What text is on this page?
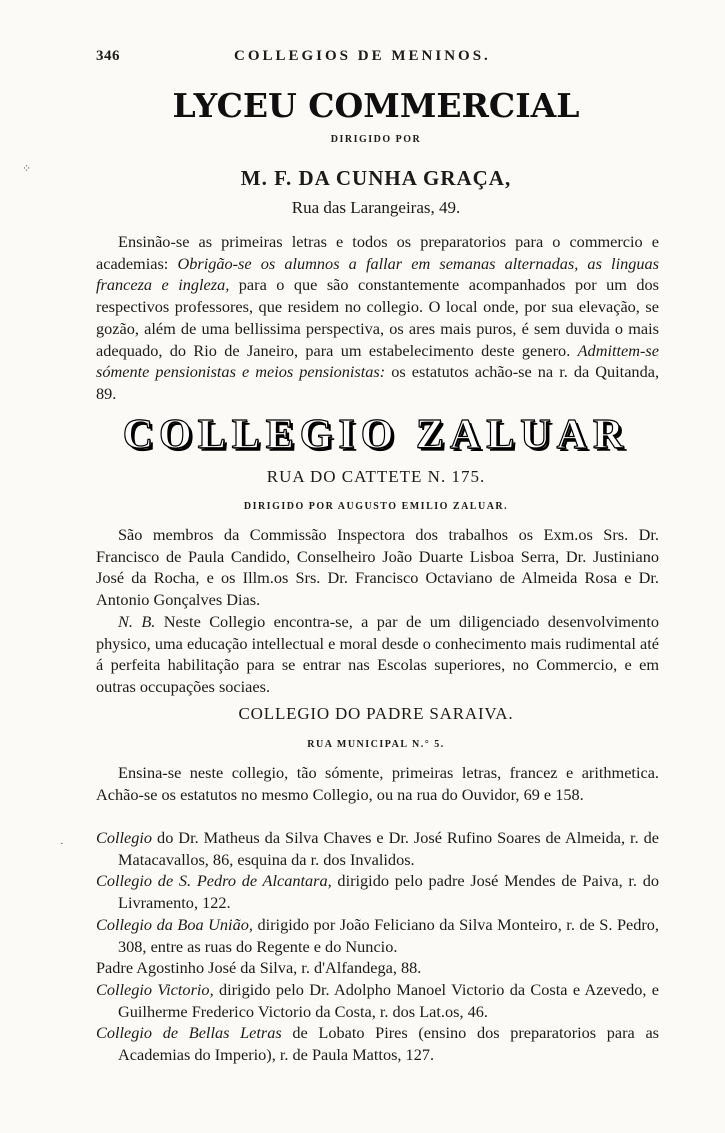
346	COLLEGIOS DE MENINOS.
LYCEU COMMERCIAL
DIRIGIDO POR
M. F. DA CUNHA GRAÇA,
Rua das Larangeiras, 49.

Ensinão-se as primeiras letras e todos os preparatorios para o commercio e academias: Obrigão-se os alumnos a fallar em semanas alternadas, as linguas franceza e ingleza, para o que são constantemente acompanhados por um dos respectivos professores, que residem no collegio. O local onde, por sua elevação, se gozão, além de uma bellissima perspectiva, os ares mais puros, é sem duvida o mais adequado, do Rio de Janeiro, para um estabelecimento deste genero. Admittem-se sómente pensionistas e meios pensionistas: os estatutos achão-se na r. da Quitanda, 89.

COLLEGIO ZALUAR
RUA DO CATTETE N. 175.
DIRIGIDO POR AUGUSTO EMILIO ZALUAR.

São membros da Commissão Inspectora dos trabalhos os Exm.os Srs. Dr. Francisco de Paula Candido, Conselheiro João Duarte Lisboa Serra, Dr. Justiniano José da Rocha, e os Illm.os Srs. Dr. Francisco Octaviano de Almeida Rosa e Dr. Antonio Gonçalves Dias.

N. B. Neste Collegio encontra-se, a par de um diligenciado desenvolvimento physico, uma educação intellectual e moral desde o conhecimento mais rudimental até á perfeita habilitação para se entrar nas Escolas superiores, no Commercio, e em outras occupações sociaes.

COLLEGIO DO PADRE SARAIVA.
RUA MUNICIPAL N.° 5.

Ensina-se neste collegio, tão sómente, primeiras letras, francez e arithmetica. Achão-se os estatutos no mesmo Collegio, ou na rua do Ouvidor, 69 e 158.

Collegio do Dr. Matheus da Silva Chaves e Dr. José Rufino Soares de Almeida, r. de Matacavallos, 86, esquina da r. dos Invalidos.

Collegio de S. Pedro de Alcantara, dirigido pelo padre José Mendes de Paiva, r. do Livramento, 122.

Collegio da Boa União, dirigido por João Feliciano da Silva Monteiro, r. de S. Pedro, 308, entre as ruas do Regente e do Nuncio.

Padre Agostinho José da Silva, r. d'Alfandega, 88.

Collegio Victorio, dirigido pelo Dr. Adolpho Manoel Victorio da Costa e Azevedo, e Guilherme Frederico Victorio da Costa, r. dos Lat.os, 46.

Collegio de Bellas Letras de Lobato Pires (ensino dos preparatorios para as Academias do Imperio), r. de Paula Mattos, 127.

⁘
·
